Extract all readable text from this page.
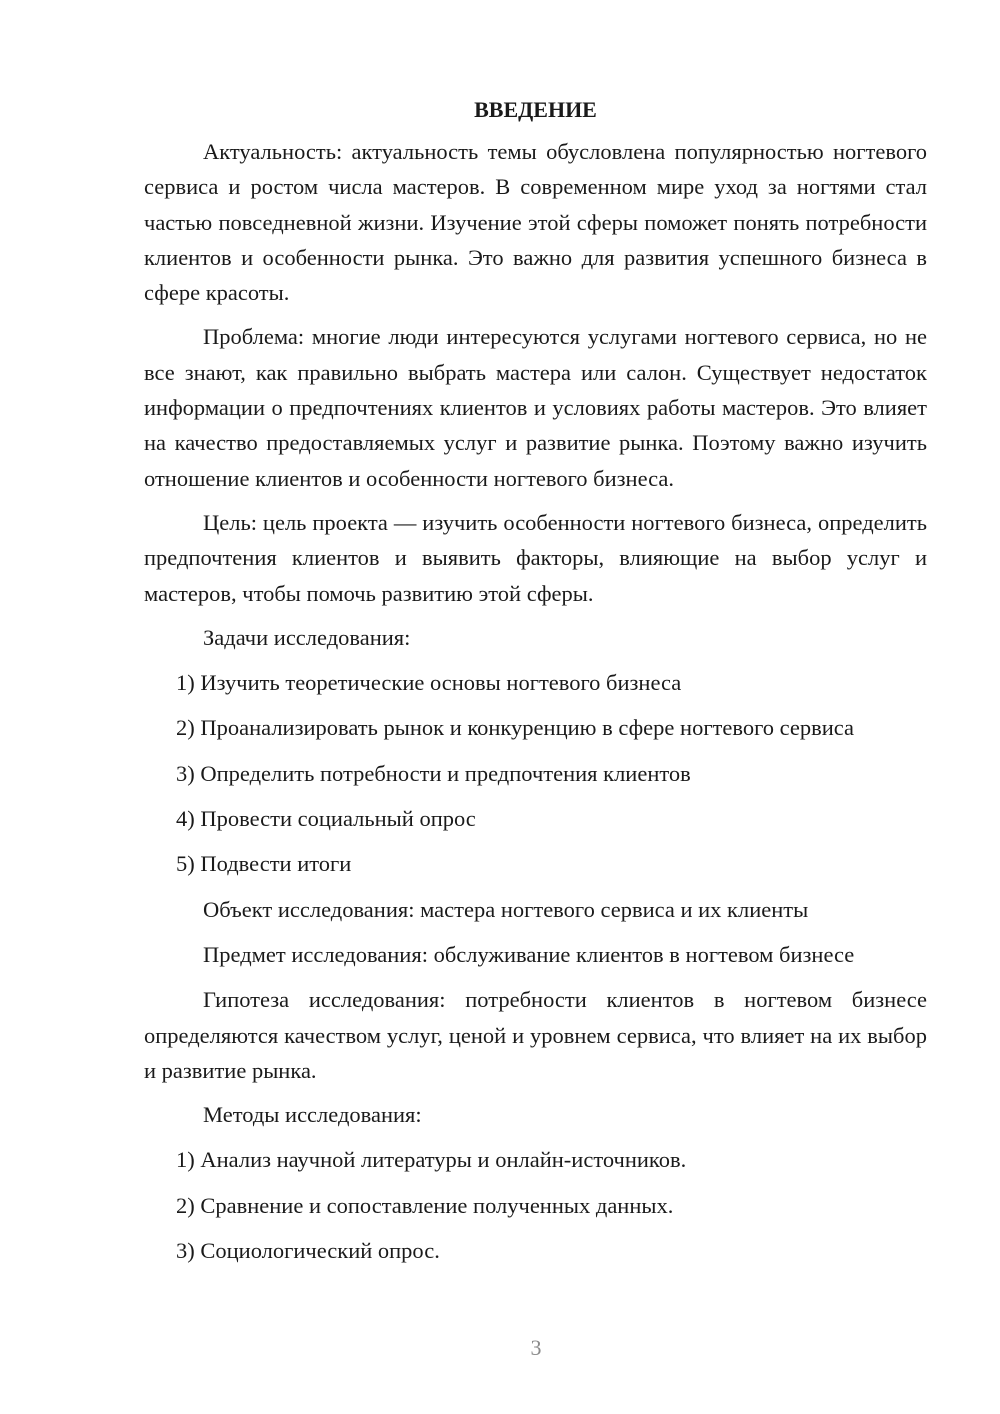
ВВЕДЕНИЕ

Актуальность: актуальность темы обусловлена популярностью ногтевого сервиса и ростом числа мастеров. В современном мире уход за ногтями стал частью повседневной жизни. Изучение этой сферы поможет понять потребности клиентов и особенности рынка. Это важно для развития успешного бизнеса в сфере красоты.

Проблема: многие люди интересуются услугами ногтевого сервиса, но не все знают, как правильно выбрать мастера или салон. Существует недостаток информации о предпочтениях клиентов и условиях работы мастеров. Это влияет на качество предоставляемых услуг и развитие рынка. Поэтому важно изучить отношение клиентов и особенности ногтевого бизнеса.

Цель: цель проекта — изучить особенности ногтевого бизнеса, определить предпочтения клиентов и выявить факторы, влияющие на выбор услуг и мастеров, чтобы помочь развитию этой сферы.

Задачи исследования:

1) Изучить теоретические основы ногтевого бизнеса

2) Проанализировать рынок и конкуренцию в сфере ногтевого сервиса

3) Определить потребности и предпочтения клиентов

4) Провести социальный опрос

5) Подвести итоги

Объект исследования: мастера ногтевого сервиса и их клиенты

Предмет исследования: обслуживание клиентов в ногтевом бизнесе

Гипотеза исследования: потребности клиентов в ногтевом бизнесе определяются качеством услуг, ценой и уровнем сервиса, что влияет на их выбор и развитие рынка.

Методы исследования:

1) Анализ научной литературы и онлайн-источников.

2) Сравнение и сопоставление полученных данных.

3) Социологический опрос.

3
